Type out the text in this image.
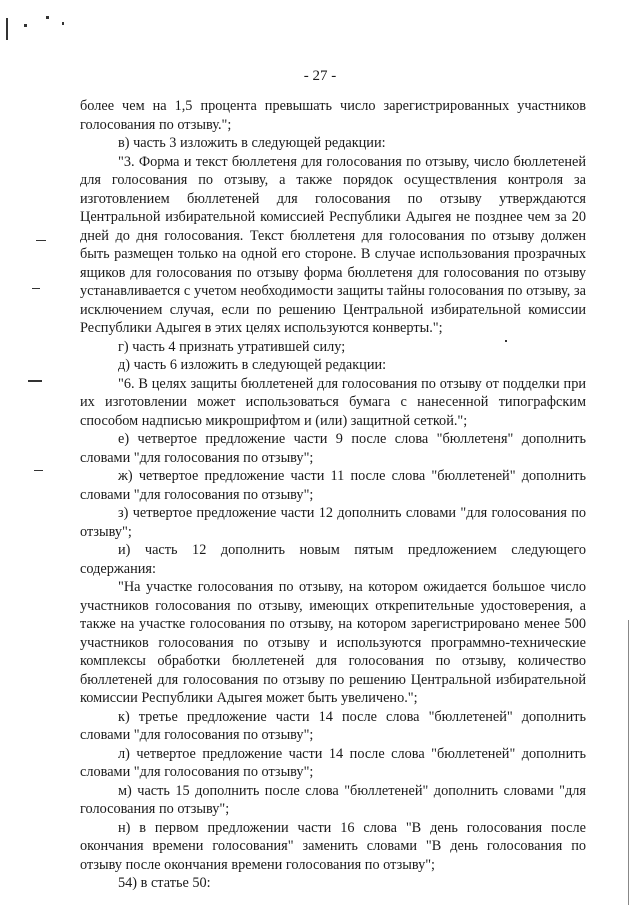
- 27 -

более чем на 1,5 процента превышать число зарегистрированных участников голосования по отзыву.";

в) часть 3 изложить в следующей редакции:

"3. Форма и текст бюллетеня для голосования по отзыву, число бюллетеней для голосования по отзыву, а также порядок осуществления контроля за изготовлением бюллетеней для голосования по отзыву утверждаются Центральной избирательной комиссией Республики Адыгея не позднее чем за 20 дней до дня голосования. Текст бюллетеня для голосования по отзыву должен быть размещен только на одной его стороне. В случае использования прозрачных ящиков для голосования по отзыву форма бюллетеня для голосования по отзыву устанавливается с учетом необходимости защиты тайны голосования по отзыву, за исключением случая, если по решению Центральной избирательной комиссии Республики Адыгея в этих целях используются конверты.";

г) часть 4 признать утратившей силу;

д) часть 6 изложить в следующей редакции:

"6. В целях защиты бюллетеней для голосования по отзыву от подделки при их изготовлении может использоваться бумага с нанесенной типографским способом надписью микрошрифтом и (или) защитной сеткой.";

е) четвертое предложение части 9 после слова "бюллетеня" дополнить словами "для голосования по отзыву";

ж) четвертое предложение части 11 после слова "бюллетеней" дополнить словами "для голосования по отзыву";

з) четвертое предложение части 12 дополнить словами "для голосования по отзыву";

и) часть 12 дополнить новым пятым предложением следующего содержания:

"На участке голосования по отзыву, на котором ожидается большое число участников голосования по отзыву, имеющих открепительные удостоверения, а также на участке голосования по отзыву, на котором зарегистрировано менее 500 участников голосования по отзыву и используются программно-технические комплексы обработки бюллетеней для голосования по отзыву, количество бюллетеней для голосования по отзыву по решению Центральной избирательной комиссии Республики Адыгея может быть увеличено.";

к) третье предложение части 14 после слова "бюллетеней" дополнить словами "для голосования по отзыву";

л) четвертое предложение части 14 после слова "бюллетеней" дополнить словами "для голосования по отзыву";

м) часть 15 дополнить после слова "бюллетеней" дополнить словами "для голосования по отзыву";

н) в первом предложении части 16 слова "В день голосования после окончания времени голосования" заменить словами "В день голосования по отзыву после окончания времени голосования по отзыву";

54) в статье 50:
